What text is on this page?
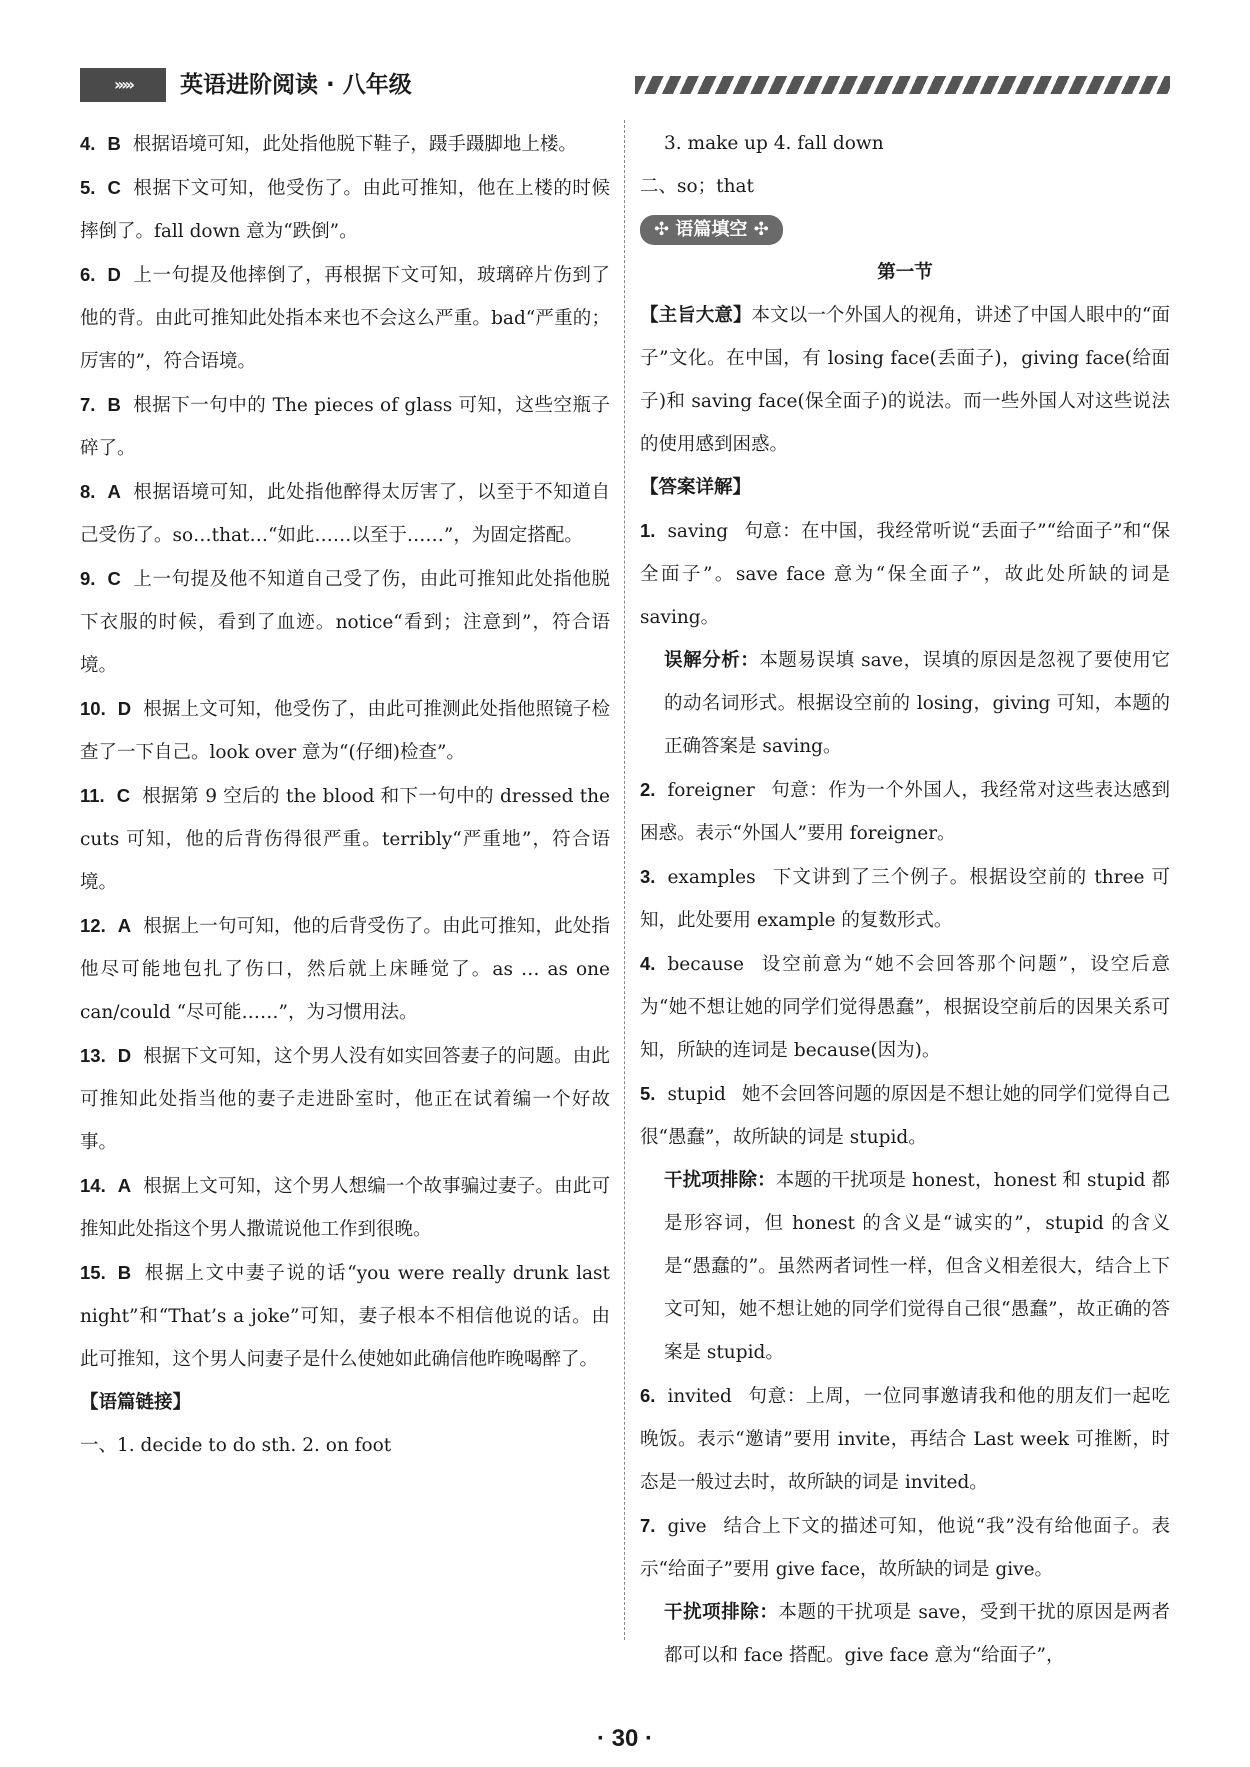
›››››	英语进阶阅读 · 八年级
4. B 根据语境可知，此处指他脱下鞋子，蹑手蹑脚地上楼。
5. C 根据下文可知，他受伤了。由此可推知，他在上楼的时候摔倒了。fall down 意为“跌倒”。
6. D 上一句提及他摔倒了，再根据下文可知，玻璃碎片伤到了他的背。由此可推知此处指本来也不会这么严重。bad“严重的；厉害的”，符合语境。
7. B 根据下一句中的 The pieces of glass 可知，这些空瓶子碎了。
8. A 根据语境可知，此处指他醉得太厉害了，以至于不知道自己受伤了。so…that…“如此……以至于……”，为固定搭配。
9. C 上一句提及他不知道自己受了伤，由此可推知此处指他脱下衣服的时候，看到了血迹。notice“看到；注意到”，符合语境。
10. D 根据上文可知，他受伤了，由此可推测此处指他照镜子检查了一下自己。look over 意为“(仔细)检查”。
11. C 根据第 9 空后的 the blood 和下一句中的 dressed the cuts 可知，他的后背伤得很严重。terribly“严重地”，符合语境。
12. A 根据上一句可知，他的后背受伤了。由此可推知，此处指他尽可能地包扎了伤口，然后就上床睡觉了。as … as one can/could “尽可能……”，为习惯用法。
13. D 根据下文可知，这个男人没有如实回答妻子的问题。由此可推知此处指当他的妻子走进卧室时，他正在试着编一个好故事。
14. A 根据上文可知，这个男人想编一个故事骗过妻子。由此可推知此处指这个男人撒谎说他工作到很晚。
15. B 根据上文中妻子说的话“you were really drunk last night”和“That’s a joke”可知，妻子根本不相信他说的话。由此可推知，这个男人问妻子是什么使她如此确信他昨晚喝醉了。
【语篇链接】
一、1. decide to do sth. 2. on foot
3. make up 4. fall down
二、so；that
✣ 语篇填空 ✣
第一节
【主旨大意】本文以一个外国人的视角，讲述了中国人眼中的“面子”文化。在中国，有 losing face(丢面子)，giving face(给面子)和 saving face(保全面子)的说法。而一些外国人对这些说法的使用感到困惑。
【答案详解】
1. saving 句意：在中国，我经常听说“丢面子”“给面子”和“保全面子”。save face 意为“保全面子”，故此处所缺的词是 saving。
误解分析：本题易误填 save，误填的原因是忽视了要使用它的动名词形式。根据设空前的 losing，giving 可知，本题的正确答案是 saving。
2. foreigner 句意：作为一个外国人，我经常对这些表达感到困惑。表示“外国人”要用 foreigner。
3. examples 下文讲到了三个例子。根据设空前的 three 可知，此处要用 example 的复数形式。
4. because 设空前意为“她不会回答那个问题”，设空后意为“她不想让她的同学们觉得愚蠢”，根据设空前后的因果关系可知，所缺的连词是 because(因为)。
5. stupid 她不会回答问题的原因是不想让她的同学们觉得自己很“愚蠢”，故所缺的词是 stupid。
干扰项排除：本题的干扰项是 honest，honest 和 stupid 都是形容词，但 honest 的含义是“诚实的”，stupid 的含义是“愚蠢的”。虽然两者词性一样，但含义相差很大，结合上下文可知，她不想让她的同学们觉得自己很“愚蠢”，故正确的答案是 stupid。
6. invited 句意：上周，一位同事邀请我和他的朋友们一起吃晚饭。表示“邀请”要用 invite，再结合 Last week 可推断，时态是一般过去时，故所缺的词是 invited。
7. give 结合上下文的描述可知，他说“我”没有给他面子。表示“给面子”要用 give face，故所缺的词是 give。
干扰项排除：本题的干扰项是 save，受到干扰的原因是两者都可以和 face 搭配。give face 意为“给面子”，
· 30 ·
